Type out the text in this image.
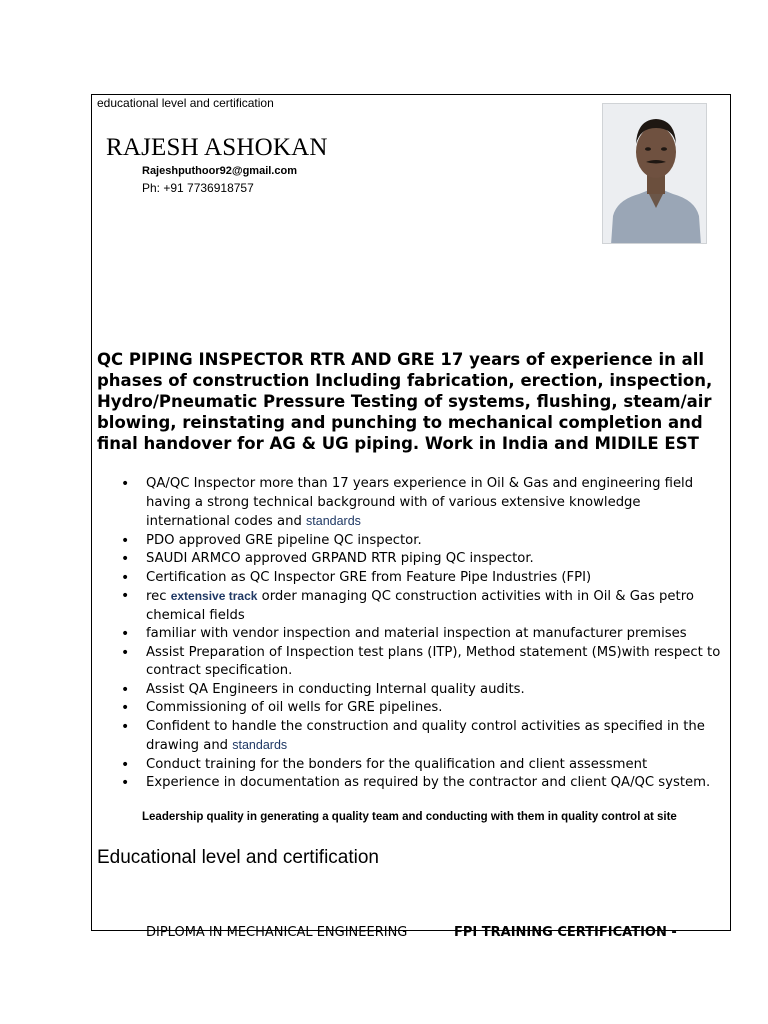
educational level and certification
RAJESH ASHOKAN
Rajeshputhoor92@gmail.com
Ph: +91 7736918757
QC PIPING INSPECTOR RTR AND GRE 17 years of experience in all phases of construction Including fabrication, erection, inspection, Hydro/Pneumatic Pressure Testing of systems, flushing, steam/air blowing, reinstating and punching to mechanical completion and final handover for AG & UG piping. Work in India and MIDILE EST
• QA/QC Inspector more than 17 years experience in Oil & Gas and engineering field having a strong technical background with of various extensive knowledge international codes and standards
• PDO approved GRE pipeline QC inspector.
• SAUDI ARMCO approved GRPAND RTR piping QC inspector.
• Certification as QC Inspector GRE from Feature Pipe Industries (FPI)
• rec extensive track order managing QC construction activities with in Oil & Gas petro chemical fields
• familiar with vendor inspection and material inspection at manufacturer premises
• Assist Preparation of Inspection test plans (ITP), Method statement (MS)with respect to contract specification.
• Assist QA Engineers in conducting Internal quality audits.
• Commissioning of oil wells for GRE pipelines.
• Confident to handle the construction and quality control activities as specified in the drawing and standards
• Conduct training for the bonders for the qualification and client assessment
• Experience in documentation as required by the contractor and client QA/QC system.
Leadership quality in generating a quality team and conducting with them in quality control at site
Educational level and certification
DIPLOMA IN MECHANICAL ENGINEERING	FPI TRAINING CERTIFICATION -
